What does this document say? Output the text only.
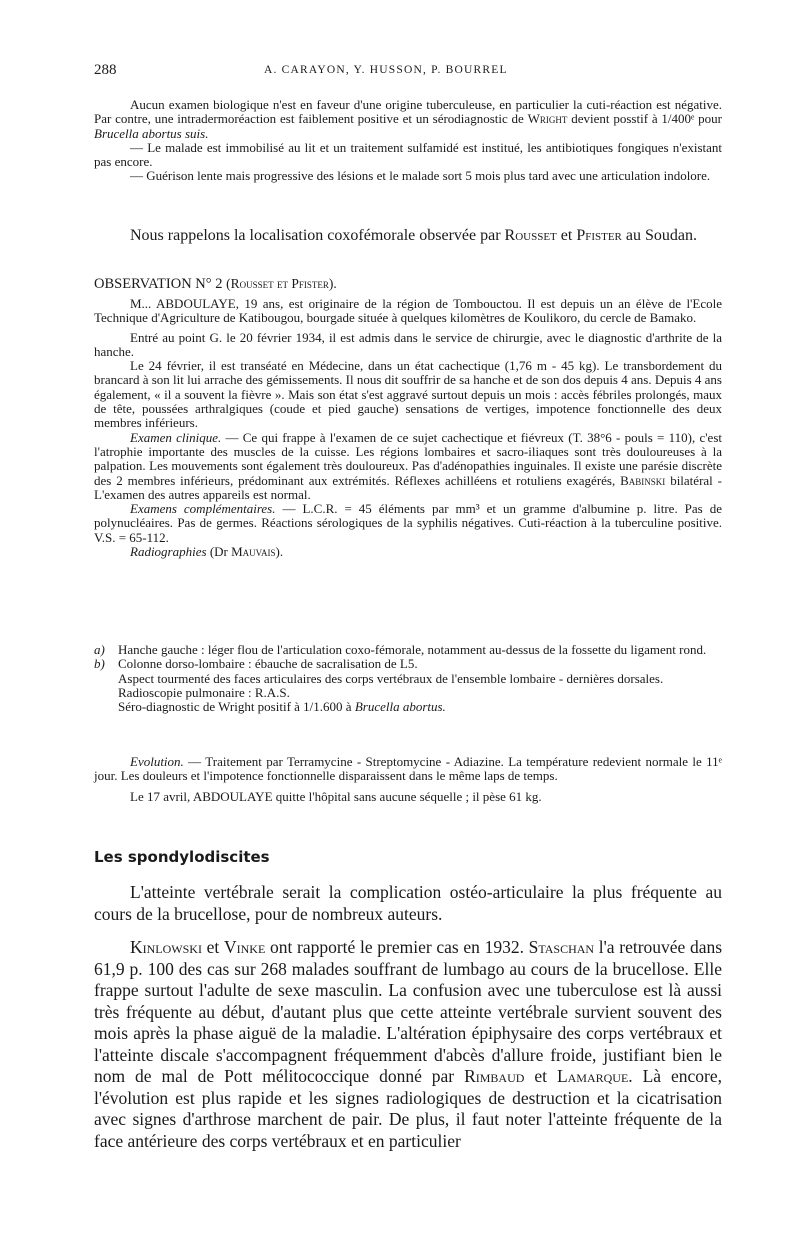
288	A. CARAYON, Y. HUSSON, P. BOURREL

Aucun examen biologique n'est en faveur d'une origine tuberculeuse, en particulier la cuti-réaction est négative. Par contre, une intradermoréaction est faiblement positive et un sérodiagnostic de Wright devient posstif à 1/400ᵉ pour Brucella abortus suis.

— Le malade est immobilisé au lit et un traitement sulfamidé est institué, les antibiotiques fongiques n'existant pas encore.

— Guérison lente mais progressive des lésions et le malade sort 5 mois plus tard avec une articulation indolore.

Nous rappelons la localisation coxofémorale observée par Rousset et Pfister au Soudan.

OBSERVATION N° 2 (Rousset et Pfister).

M... ABDOULAYE, 19 ans, est originaire de la région de Tombouctou. Il est depuis un an élève de l'Ecole Technique d'Agriculture de Katibougou, bourgade située à quelques kilomètres de Koulikoro, du cercle de Bamako.

Entré au point G. le 20 février 1934, il est admis dans le service de chirurgie, avec le diagnostic d'arthrite de la hanche.

Le 24 février, il est transéaté en Médecine, dans un état cachectique (1,76 m - 45 kg). Le transbordement du brancard à son lit lui arrache des gémissements. Il nous dit souffrir de sa hanche et de son dos depuis 4 ans. Depuis 4 ans également, « il a souvent la fièvre ». Mais son état s'est aggravé surtout depuis un mois : accès fébriles prolongés, maux de tête, poussées arthralgiques (coude et pied gauche) sensations de vertiges, impotence fonctionnelle des deux membres inférieurs.

Examen clinique. — Ce qui frappe à l'examen de ce sujet cachectique et fiévreux (T. 38°6 - pouls = 110), c'est l'atrophie importante des muscles de la cuisse. Les régions lombaires et sacro-iliaques sont très douloureuses à la palpation. Les mouvements sont également très douloureux. Pas d'adénopathies inguinales. Il existe une parésie discrète des 2 membres inférieurs, prédominant aux extrémités. Réflexes achilléens et rotuliens exagérés, Babinski bilatéral - L'examen des autres appareils est normal.

Examens complémentaires. — L.C.R. = 45 éléments par mm³ et un gramme d'albumine p. litre. Pas de polynucléaires. Pas de germes. Réactions sérologiques de la syphilis négatives. Cuti-réaction à la tuberculine positive. V.S. = 65-112.

Radiographies (Dr Mauvais).

a)	Hanche gauche : léger flou de l'articulation coxo-fémorale, notamment au-dessus de la fossette du ligament rond.
b)	Colonne dorso-lombaire : ébauche de sacralisation de L5.
Aspect tourmenté des faces articulaires des corps vertébraux de l'ensemble lombaire - dernières dorsales.
Radioscopie pulmonaire : R.A.S.
Séro-diagnostic de Wright positif à 1/1.600 à Brucella abortus.

Evolution. — Traitement par Terramycine - Streptomycine - Adiazine. La température redevient normale le 11ᵉ jour. Les douleurs et l'impotence fonctionnelle disparaissent dans le même laps de temps.

Le 17 avril, ABDOULAYE quitte l'hôpital sans aucune séquelle ; il pèse 61 kg.

Les spondylodiscites

L'atteinte vertébrale serait la complication ostéo-articulaire la plus fréquente au cours de la brucellose, pour de nombreux auteurs.

Kinlowski et Vinke ont rapporté le premier cas en 1932. Staschan l'a retrouvée dans 61,9 p. 100 des cas sur 268 malades souffrant de lumbago au cours de la brucellose. Elle frappe surtout l'adulte de sexe masculin. La confusion avec une tuberculose est là aussi très fréquente au début, d'autant plus que cette atteinte vertébrale survient souvent des mois après la phase aiguë de la maladie. L'altération épiphysaire des corps vertébraux et l'atteinte discale s'accompagnent fréquemment d'abcès d'allure froide, justifiant bien le nom de mal de Pott mélitococcique donné par Rimbaud et Lamarque. Là encore, l'évolution est plus rapide et les signes radiologiques de destruction et la cicatrisation avec signes d'arthrose marchent de pair. De plus, il faut noter l'atteinte fréquente de la face antérieure des corps vertébraux et en particulier
